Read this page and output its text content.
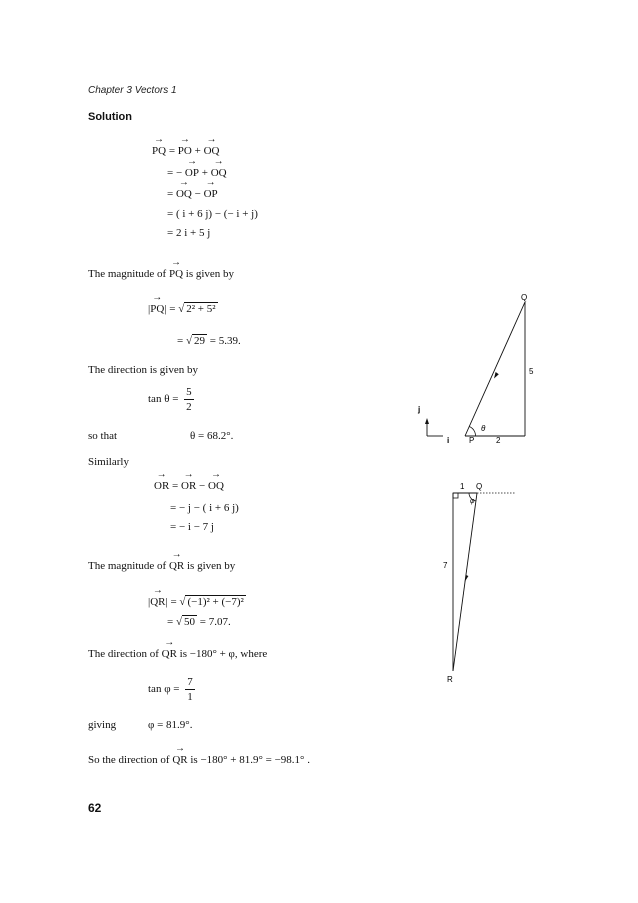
Chapter 3 Vectors 1
Solution
→ PQ = → PO + → OQ
= − → OP + → OQ
= → OQ − → OP
= ( i + 6 j) − (− i + j)
= 2 i + 5 j
The magnitude of → PQ is given by
|→ PQ| = √ 2² + 5²
= √ 29 = 5.39.
The direction is given by
$\tan \theta = \frac{5}{2}$
so that	θ = 68.2°.
Q
P
5
2
θ
i
j
Similarly
→ OR = → OR − → OQ
= − j − ( i + 6 j)
= − i − 7 j
The magnitude of → QR is given by
|→ QR| = √ (−1)² + (−7)²
= √ 50 = 7.07.
The direction of → QR is −180° + φ, where
$\tan \varphi = \frac{7}{1}$
giving	φ = 81.9°.
1 Q
φ
7
R
So the direction of → QR is −180° + 81.9° = −98.1° .
62
